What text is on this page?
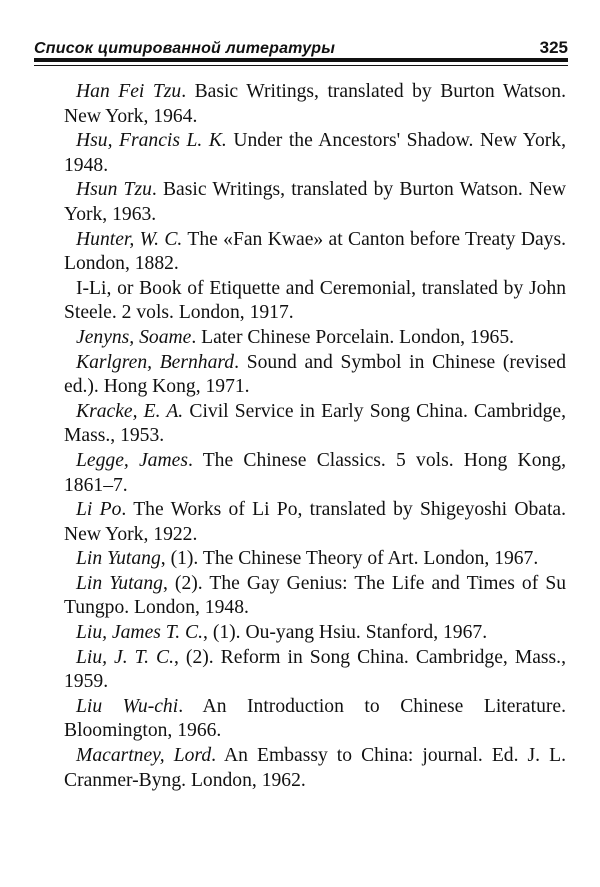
Список цитированной литературы	325

Han Fei Tzu. Basic Writings, translated by Burton Watson. New York, 1964.

Hsu, Francis L. K. Under the Ancestors' Shadow. New York, 1948.

Hsun Tzu. Basic Writings, translated by Burton Watson. New York, 1963.

Hunter, W. C. The «Fan Kwae» at Canton before Treaty Days. London, 1882.

I-Li, or Book of Etiquette and Ceremonial, translated by John Steele. 2 vols. London, 1917.

Jenyns, Soame. Later Chinese Porcelain. London, 1965.

Karlgren, Bernhard. Sound and Symbol in Chinese (revised ed.). Hong Kong, 1971.

Kracke, E. A. Civil Service in Early Song China. Cambridge, Mass., 1953.

Legge, James. The Chinese Classics. 5 vols. Hong Kong, 1861–7.

Li Po. The Works of Li Po, translated by Shigeyoshi Obata. New York, 1922.

Lin Yutang, (1). The Chinese Theory of Art. London, 1967.

Lin Yutang, (2). The Gay Genius: The Life and Times of Su Tungpo. London, 1948.

Liu, James T. C., (1). Ou-yang Hsiu. Stanford, 1967.

Liu, J. T. C., (2). Reform in Song China. Cambridge, Mass., 1959.

Liu Wu-chi. An Introduction to Chinese Literature. Bloomington, 1966.

Macartney, Lord. An Embassy to China: journal. Ed. J. L. Cranmer-Byng. London, 1962.
